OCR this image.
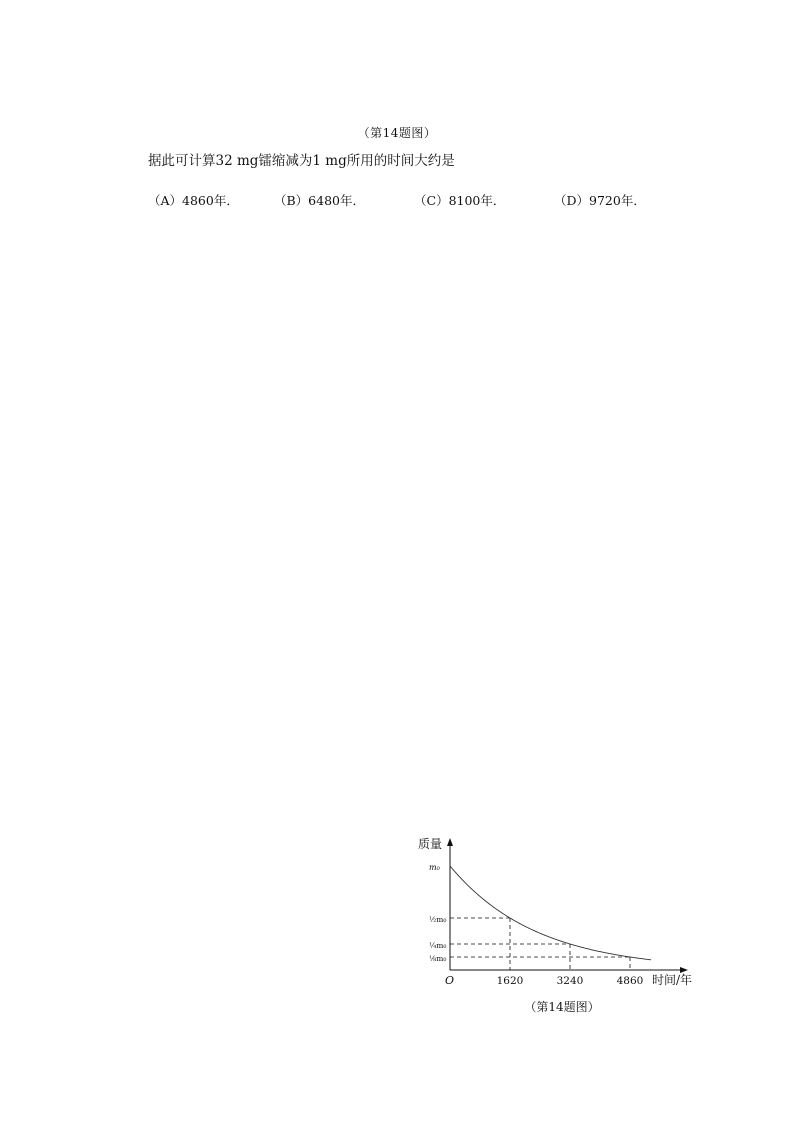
（第14题图）
据此可计算32 mg镭缩减为1 mg所用的时间大约是
（A）4860年．	（B）6480年．	（C）8100年．	（D）9720年．
质量
时间/年
O
m₀
½m₀
¼m₀
⅛m₀
1620	3240	4860
（第14题图）
